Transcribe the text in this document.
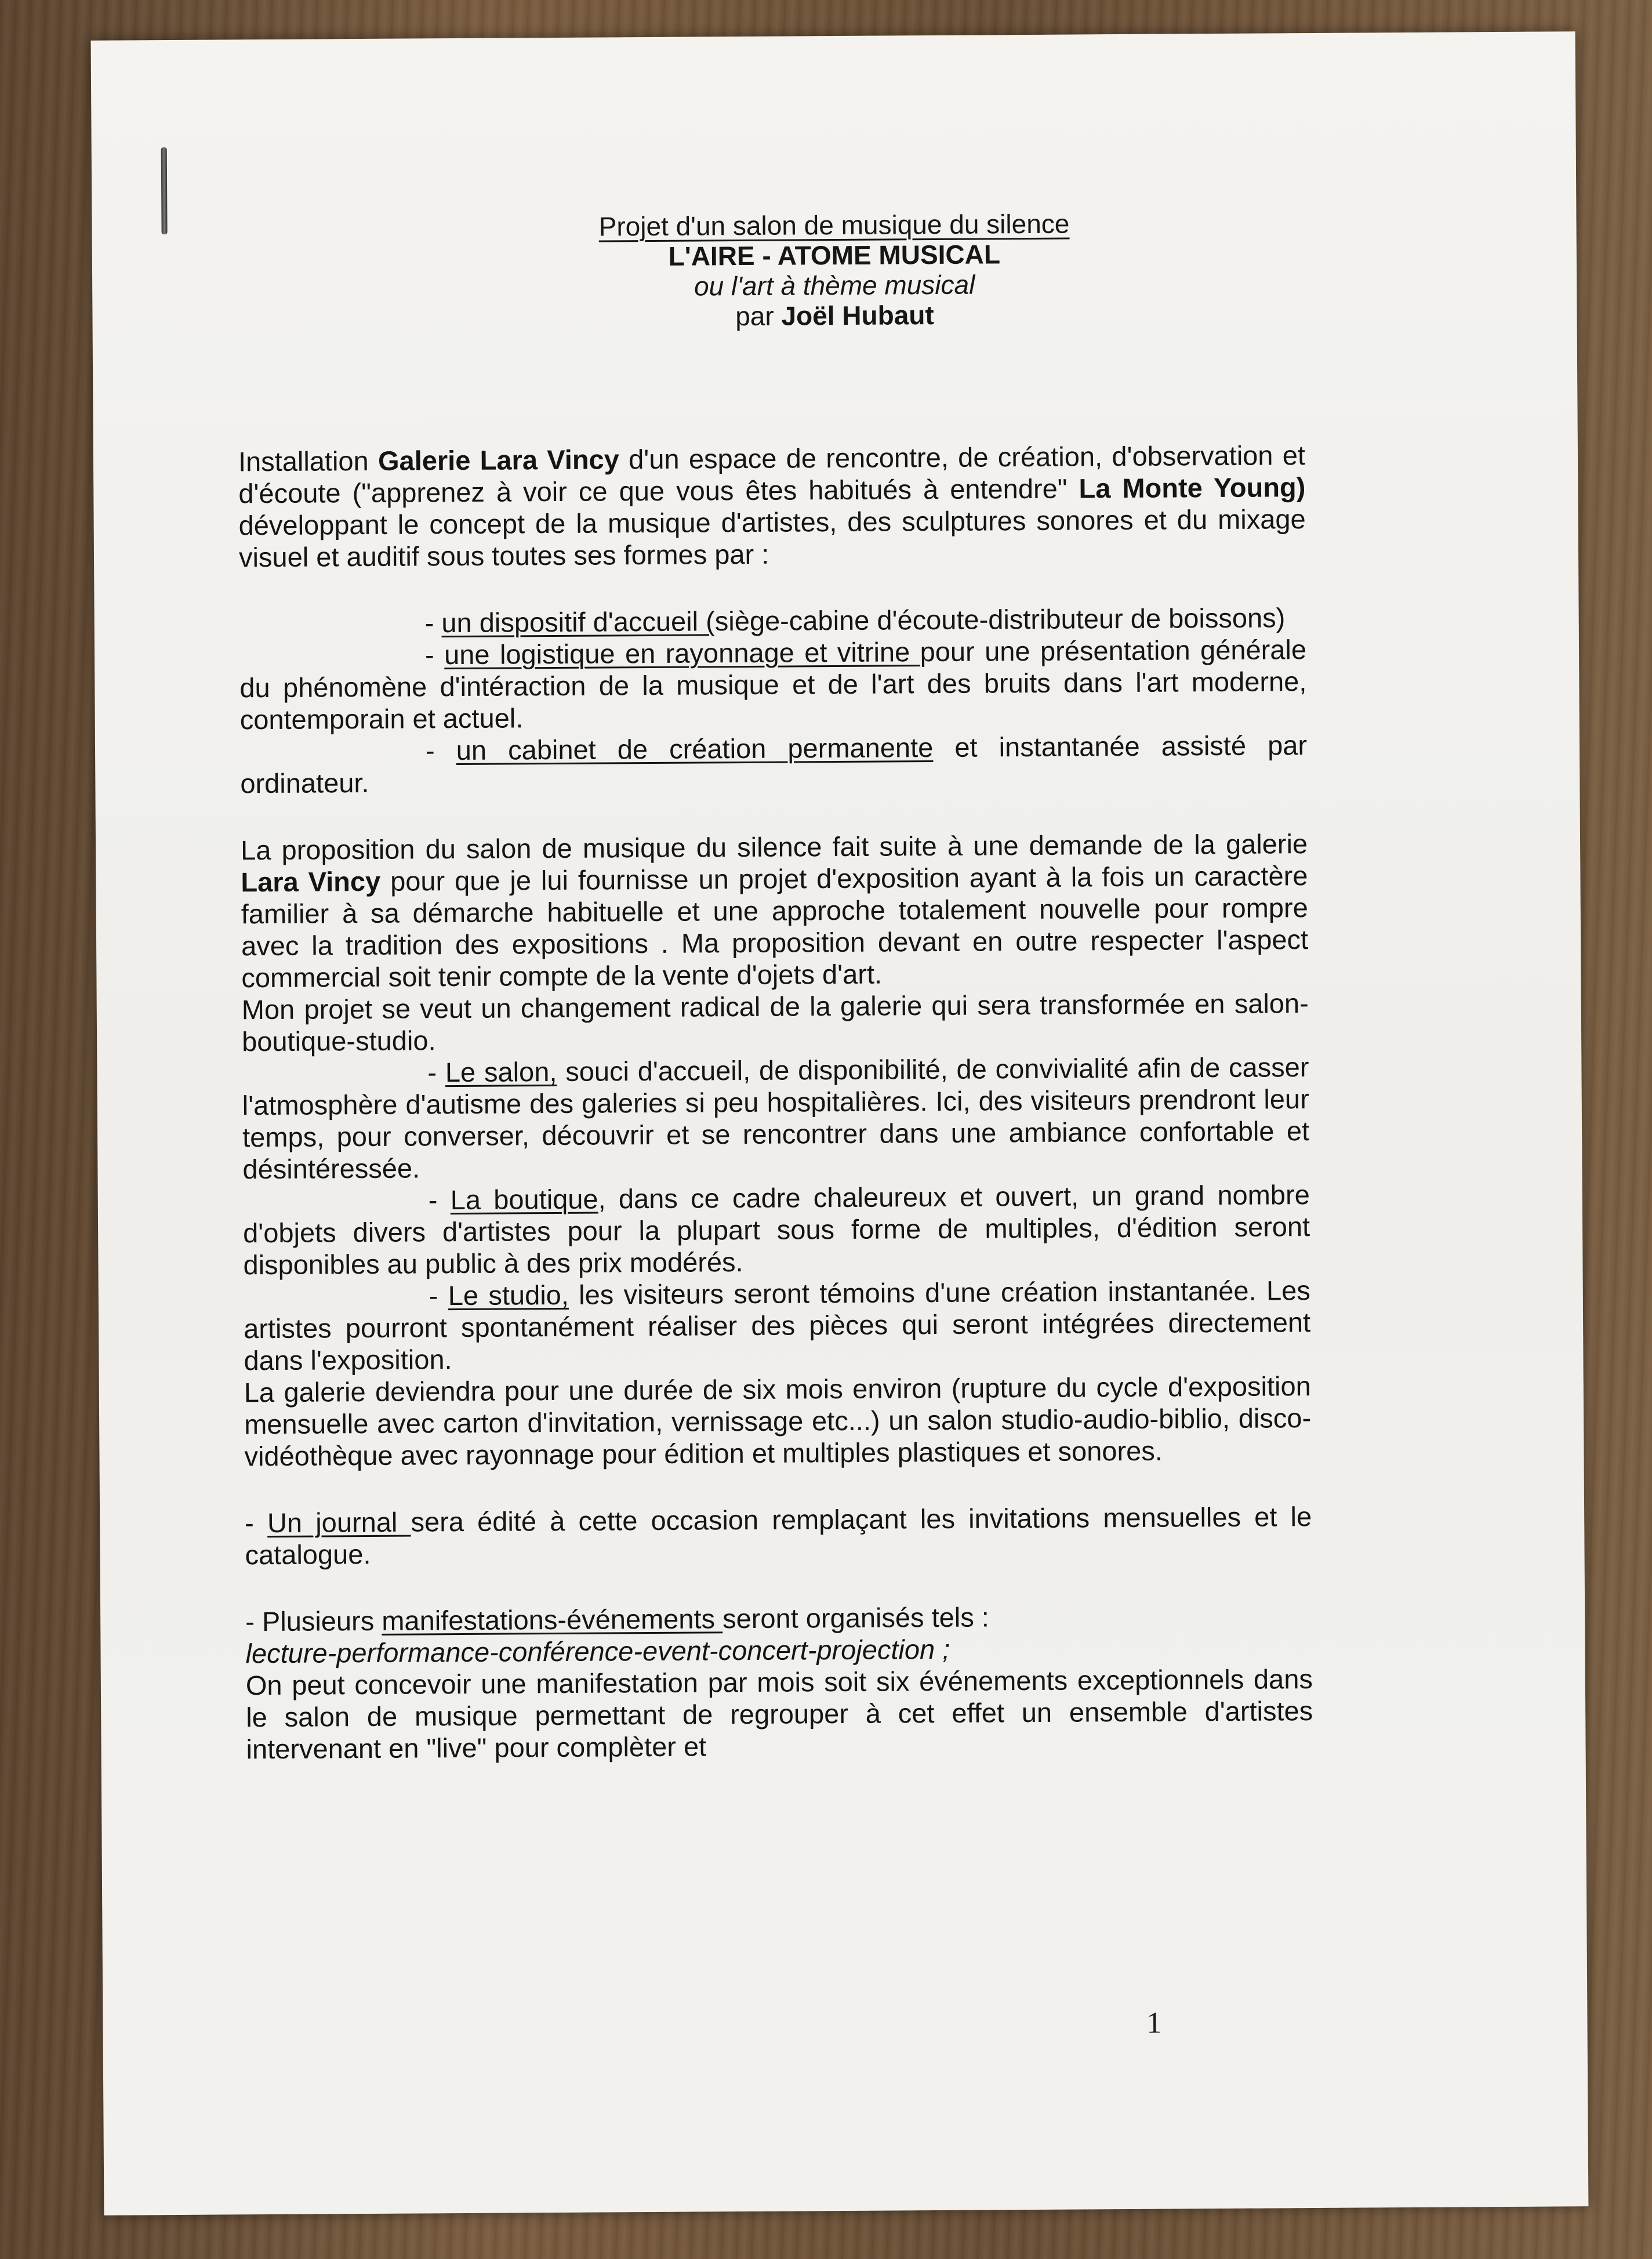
Projet d'un salon de musique du silence
L'AIRE - ATOME MUSICAL
ou l'art à thème musical
par Joël Hubaut

Installation Galerie Lara Vincy d'un espace de rencontre, de création, d'observation et d'écoute ("apprenez à voir ce que vous êtes habitués à entendre" La Monte Young) développant le concept de la musique d'artistes, des sculptures sonores et du mixage visuel et auditif sous toutes ses formes par :

- un dispositif d'accueil (siège-cabine d'écoute-distributeur de boissons)

- une logistique en rayonnage et vitrine pour une présentation générale du phénomène d'intéraction de la musique et de l'art des bruits dans l'art moderne, contemporain et actuel.

- un cabinet de création permanente et instantanée assisté par ordinateur.

La proposition du salon de musique du silence fait suite à une demande de la galerie Lara Vincy pour que je lui fournisse un projet d'exposition ayant à la fois un caractère familier à sa démarche habituelle et une approche totalement nouvelle pour rompre avec la tradition des expositions . Ma proposition devant en outre respecter l'aspect commercial soit tenir compte de la vente d'ojets d'art.

Mon projet se veut un changement radical de la galerie qui sera transformée en salon-boutique-studio.

- Le salon, souci d'accueil, de disponibilité, de convivialité afin de casser l'atmosphère d'autisme des galeries si peu hospitalières. Ici, des visiteurs prendront leur temps, pour converser, découvrir et se rencontrer dans une ambiance confortable et désintéressée.

- La boutique, dans ce cadre chaleureux et ouvert, un grand nombre d'objets divers d'artistes pour la plupart sous forme de multiples, d'édition seront disponibles au public à des prix modérés.

- Le studio, les visiteurs seront témoins d'une création instantanée. Les artistes pourront spontanément réaliser des pièces qui seront intégrées directement dans l'exposition.

La galerie deviendra pour une durée de six mois environ (rupture du cycle d'exposition mensuelle avec carton d'invitation, vernissage etc...) un salon studio-audio-biblio, disco-vidéothèque avec rayonnage pour édition et multiples plastiques et sonores.

- Un journal sera édité à cette occasion remplaçant les invitations mensuelles et le catalogue.

- Plusieurs manifestations-événements seront organisés tels :

lecture-performance-conférence-event-concert-projection ;

On peut concevoir une manifestation par mois soit six événements exceptionnels dans le salon de musique permettant de regrouper à cet effet un ensemble d'artistes intervenant en "live" pour complèter et

1
